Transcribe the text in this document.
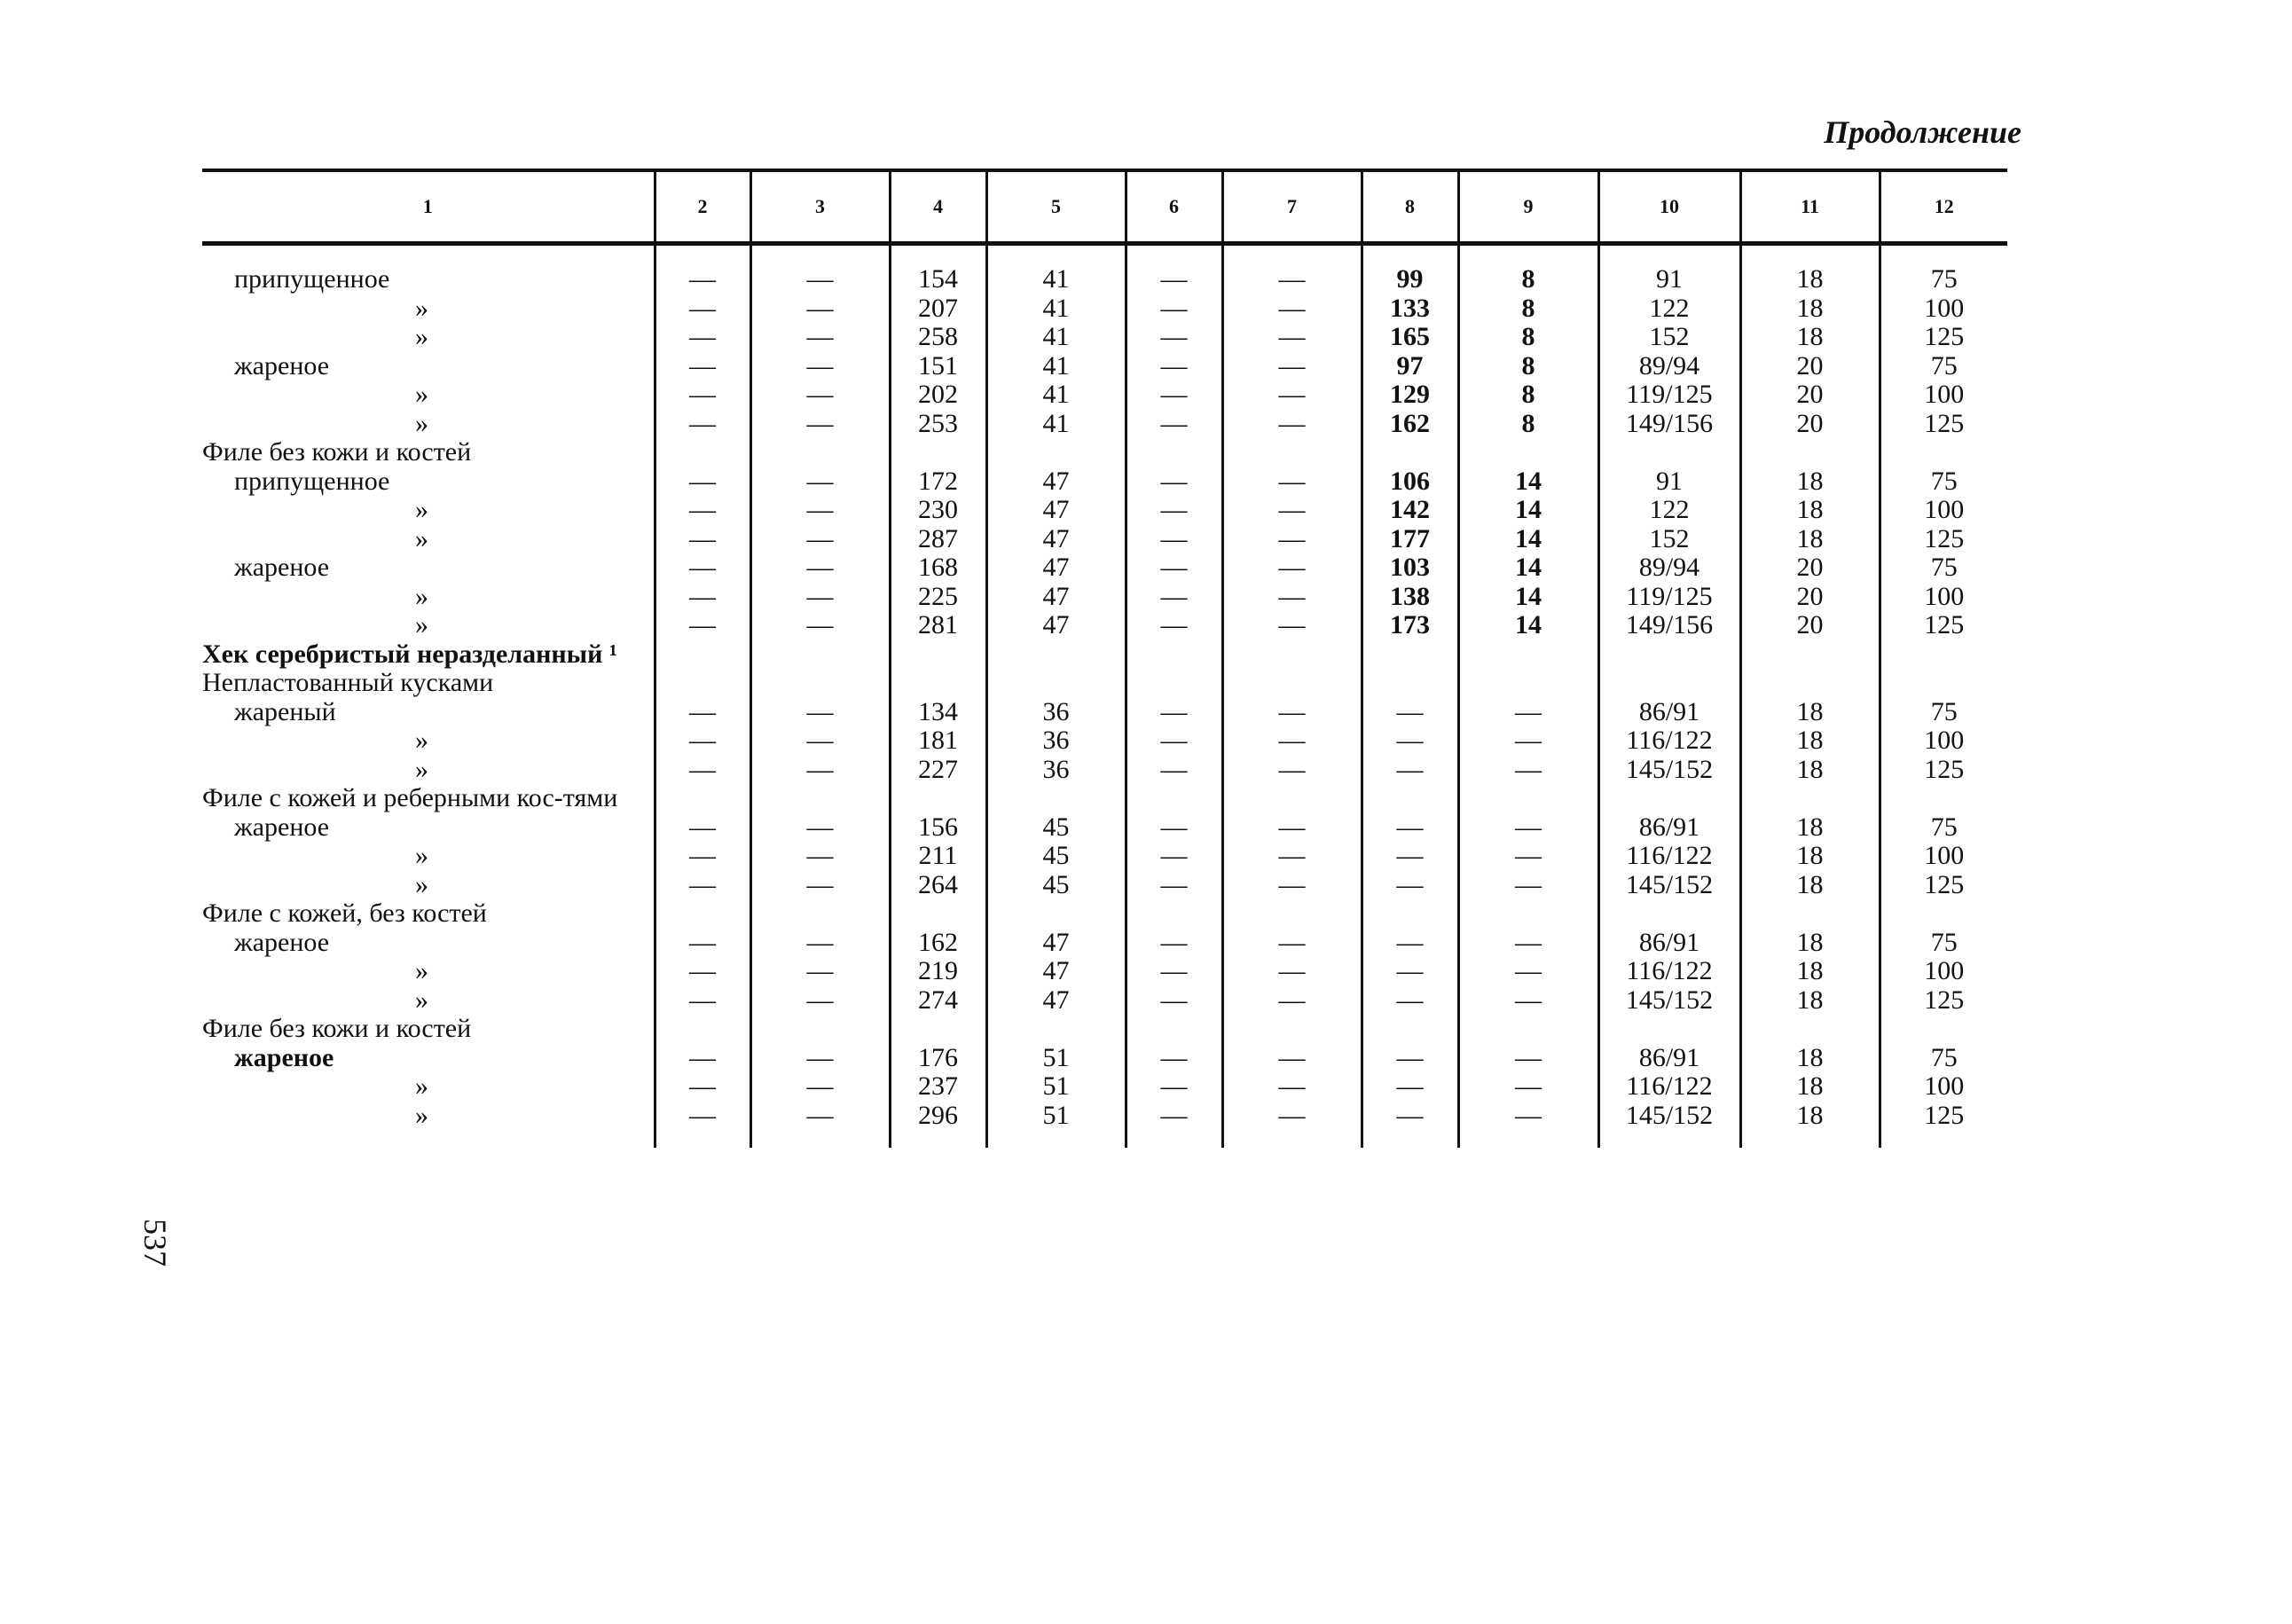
Продолжение
1	2	3	4	5	6	7	8	9	10	11	12
припущенное	—	—	154	41	—	—	99	8	91	18	75
»	—	—	207	41	—	—	133	8	122	18	100
»	—	—	258	41	—	—	165	8	152	18	125
жареное	—	—	151	41	—	—	97	8	89/94	20	75
»	—	—	202	41	—	—	129	8	119/125	20	100
»	—	—	253	41	—	—	162	8	149/156	20	125
Филе без кожи и костей											
припущенное	—	—	172	47	—	—	106	14	91	18	75
»	—	—	230	47	—	—	142	14	122	18	100
»	—	—	287	47	—	—	177	14	152	18	125
жареное	—	—	168	47	—	—	103	14	89/94	20	75
»	—	—	225	47	—	—	138	14	119/125	20	100
»	—	—	281	47	—	—	173	14	149/156	20	125
Хек серебристый неразделанный ¹											
Непластованный кусками											
жареный	—	—	134	36	—	—	—	—	86/91	18	75
»	—	—	181	36	—	—	—	—	116/122	18	100
»	—	—	227	36	—	—	—	—	145/152	18	125
Филе с кожей и реберными кос-тями											
жареное	—	—	156	45	—	—	—	—	86/91	18	75
»	—	—	211	45	—	—	—	—	116/122	18	100
»	—	—	264	45	—	—	—	—	145/152	18	125
Филе с кожей, без костей											
жареное	—	—	162	47	—	—	—	—	86/91	18	75
»	—	—	219	47	—	—	—	—	116/122	18	100
»	—	—	274	47	—	—	—	—	145/152	18	125
Филе без кожи и костей											
жареное	—	—	176	51	—	—	—	—	86/91	18	75
»	—	—	237	51	—	—	—	—	116/122	18	100
»	—	—	296	51	—	—	—	—	145/152	18	125
537
